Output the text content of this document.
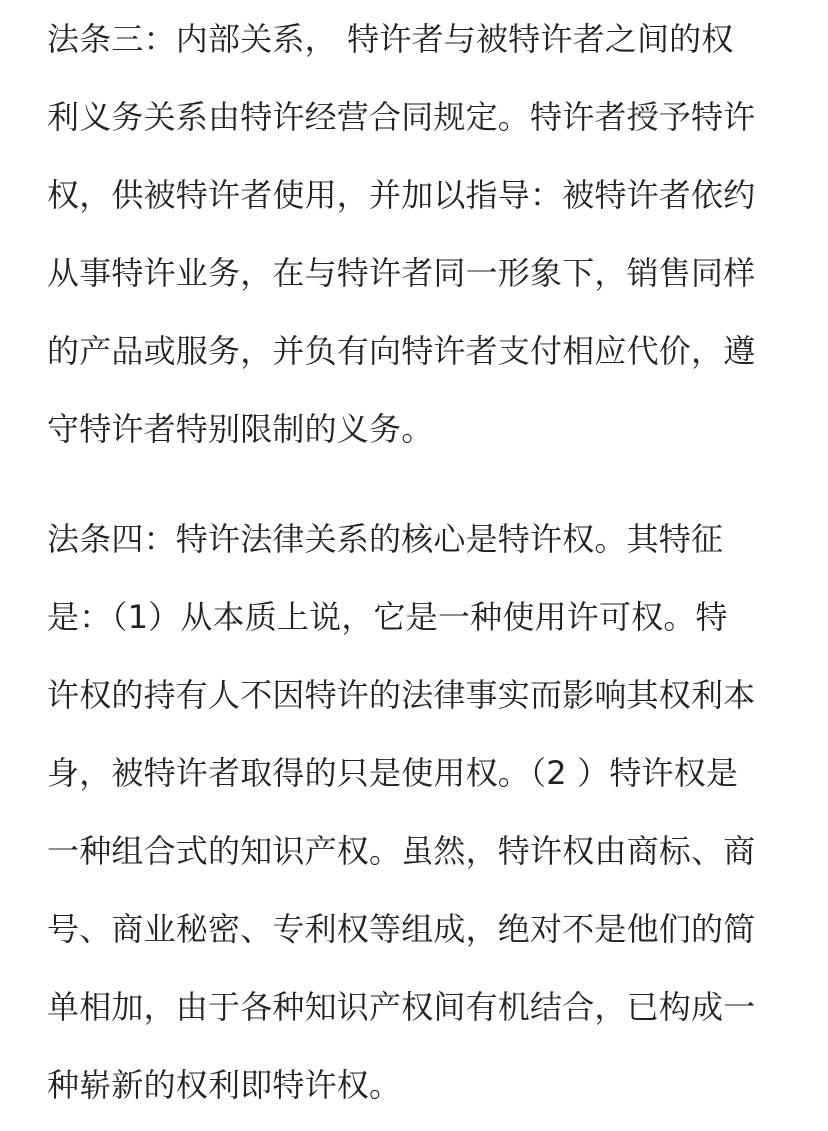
法条三：内部关系， 特许者与被特许者之间的权
利义务关系由特许经营合同规定。特许者授予特许
权，供被特许者使用，并加以指导：被特许者依约
从事特许业务，在与特许者同一形象下，销售同样
的产品或服务，并负有向特许者支付相应代价，遵
守特许者特别限制的义务。
法条四：特许法律关系的核心是特许权。其特征
是：（1）从本质上说，它是一种使用许可权。特
许权的持有人不因特许的法律事实而影响其权利本
身，被特许者取得的只是使用权。（2 ）特许权是
一种组合式的知识产权。虽然，特许权由商标、商
号、商业秘密、专利权等组成，绝对不是他们的简
单相加，由于各种知识产权间有机结合，已构成一
种崭新的权利即特许权。
